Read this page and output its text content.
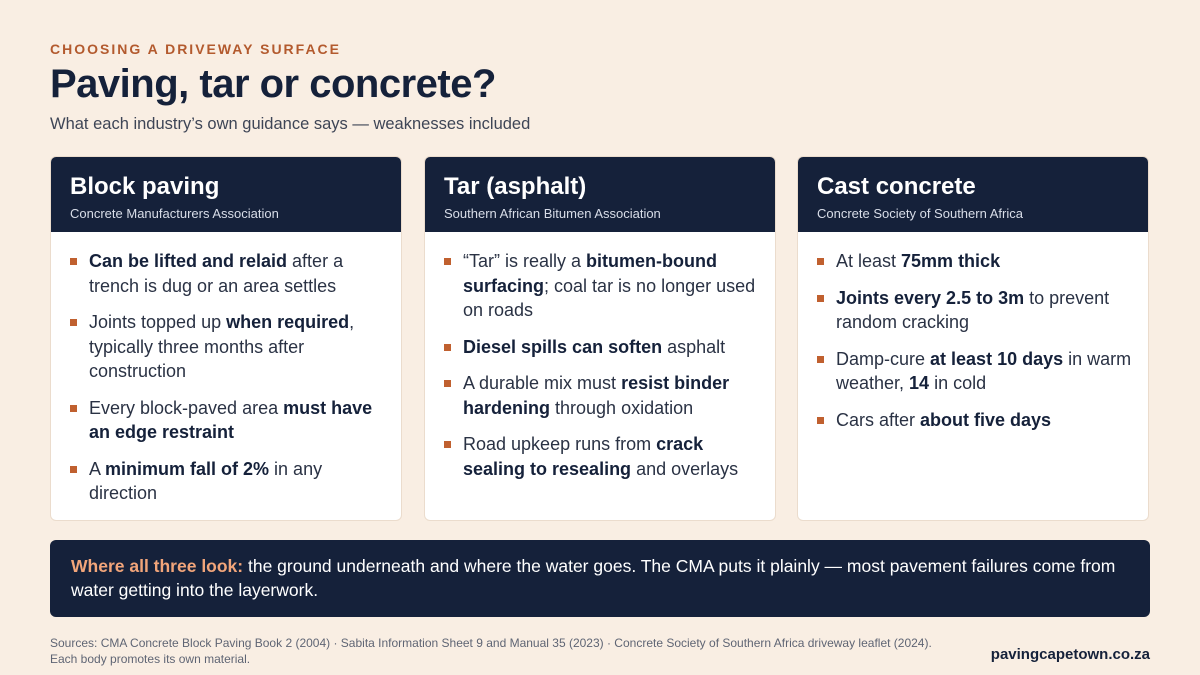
CHOOSING A DRIVEWAY SURFACE
Paving, tar or concrete?
What each industry’s own guidance says — weaknesses included
Block paving
Concrete Manufacturers Association
Can be lifted and relaid after a trench is dug or an area settles
Joints topped up when required, typically three months after construction
Every block-paved area must have an edge restraint
A minimum fall of 2% in any direction
Tar (asphalt)
Southern African Bitumen Association
“Tar” is really a bitumen-bound surfacing; coal tar is no longer used on roads
Diesel spills can soften asphalt
A durable mix must resist binder hardening through oxidation
Road upkeep runs from crack sealing to resealing and overlays
Cast concrete
Concrete Society of Southern Africa
At least 75mm thick
Joints every 2.5 to 3m to prevent random cracking
Damp-cure at least 10 days in warm weather, 14 in cold
Cars after about five days
Where all three look: the ground underneath and where the water goes. The CMA puts it plainly — most pavement failures come from water getting into the layerwork.
Sources: CMA Concrete Block Paving Book 2 (2004) · Sabita Information Sheet 9 and Manual 35 (2023) · Concrete Society of Southern Africa driveway leaflet (2024). Each body promotes its own material.	pavingcapetown.co.za
